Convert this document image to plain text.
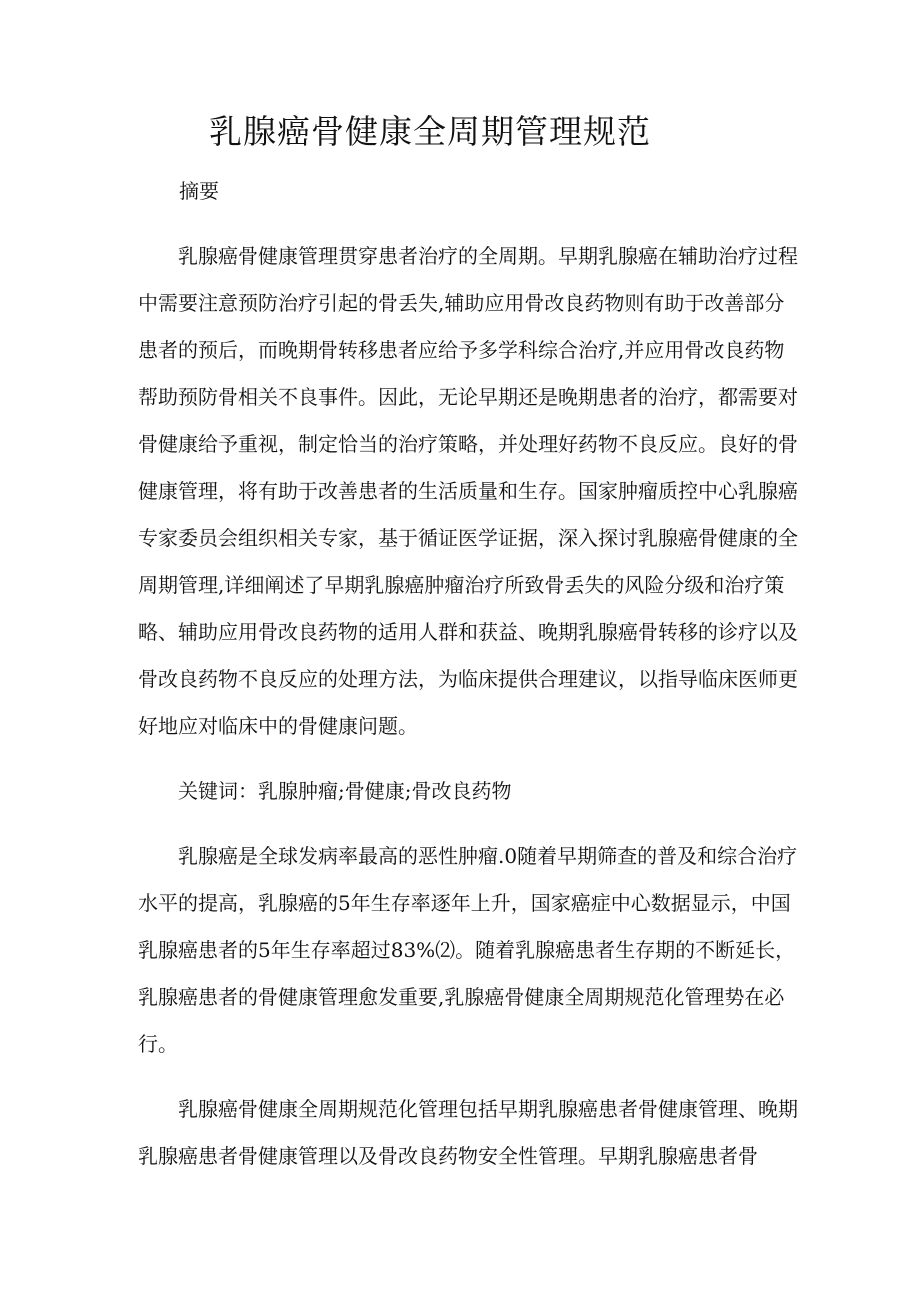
乳腺癌骨健康全周期管理规范

摘要

乳腺癌骨健康管理贯穿患者治疗的全周期。早期乳腺癌在辅助治疗过程中需要注意预防治疗引起的骨丢失,辅助应用骨改良药物则有助于改善部分患者的预后，而晚期骨转移患者应给予多学科综合治疗,并应用骨改良药物帮助预防骨相关不良事件。因此，无论早期还是晚期患者的治疗，都需要对骨健康给予重视，制定恰当的治疗策略，并处理好药物不良反应。良好的骨健康管理，将有助于改善患者的生活质量和生存。国家肿瘤质控中心乳腺癌专家委员会组织相关专家，基于循证医学证据，深入探讨乳腺癌骨健康的全周期管理,详细阐述了早期乳腺癌肿瘤治疗所致骨丢失的风险分级和治疗策略、辅助应用骨改良药物的适用人群和获益、晚期乳腺癌骨转移的诊疗以及骨改良药物不良反应的处理方法，为临床提供合理建议，以指导临床医师更好地应对临床中的骨健康问题。

关键词：乳腺肿瘤;骨健康;骨改良药物

乳腺癌是全球发病率最高的恶性肿瘤.0随着早期筛查的普及和综合治疗水平的提高，乳腺癌的5年生存率逐年上升，国家癌症中心数据显示，中国乳腺癌患者的5年生存率超过83%⑵。随着乳腺癌患者生存期的不断延长，乳腺癌患者的骨健康管理愈发重要,乳腺癌骨健康全周期规范化管理势在必行。

乳腺癌骨健康全周期规范化管理包括早期乳腺癌患者骨健康管理、晚期乳腺癌患者骨健康管理以及骨改良药物安全性管理。早期乳腺癌患者骨
